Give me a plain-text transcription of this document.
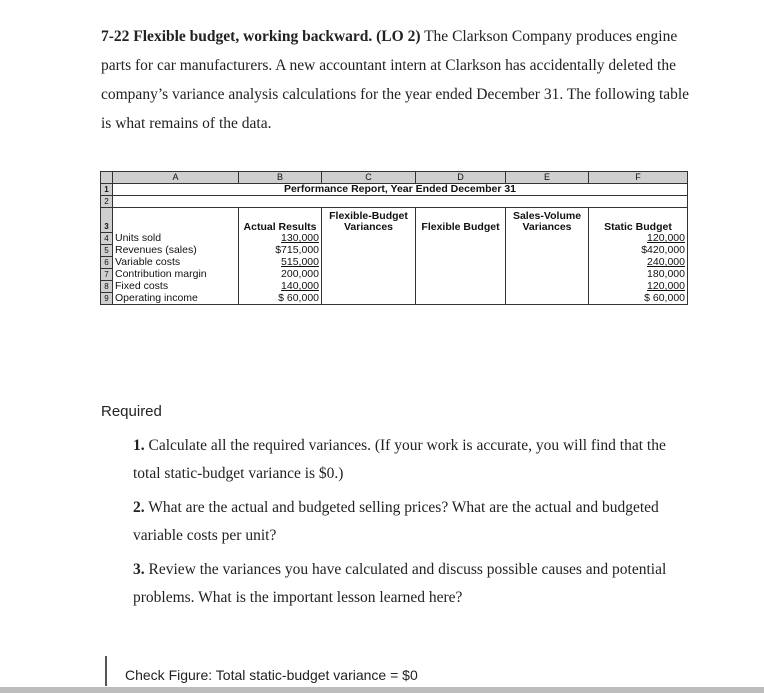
7-22 Flexible budget, working backward. (LO 2) The Clarkson Company produces engine parts for car manufacturers. A new accountant intern at Clarkson has accidentally deleted the company’s variance analysis calculations for the year ended December 31. The following table is what remains of the data.
	A	B	C	D	E	F
1	Performance Report, Year Ended December 31					
2						
3		Actual Results	Flexible-Budget Variances	Flexible Budget	Sales-Volume Variances	Static Budget
4	Units sold	130,000				120,000
5	Revenues (sales)	$715,000				$420,000
6	Variable costs	515,000				240,000
7	Contribution margin	200,000				180,000
8	Fixed costs	140,000				120,000
9	Operating income	$ 60,000				$ 60,000
Required
1. Calculate all the required variances. (If your work is accurate, you will find that the total static-budget variance is $0.)
2. What are the actual and budgeted selling prices? What are the actual and budgeted variable costs per unit?
3. Review the variances you have calculated and discuss possible causes and potential problems. What is the important lesson learned here?
Check Figure: Total static-budget variance = $0
